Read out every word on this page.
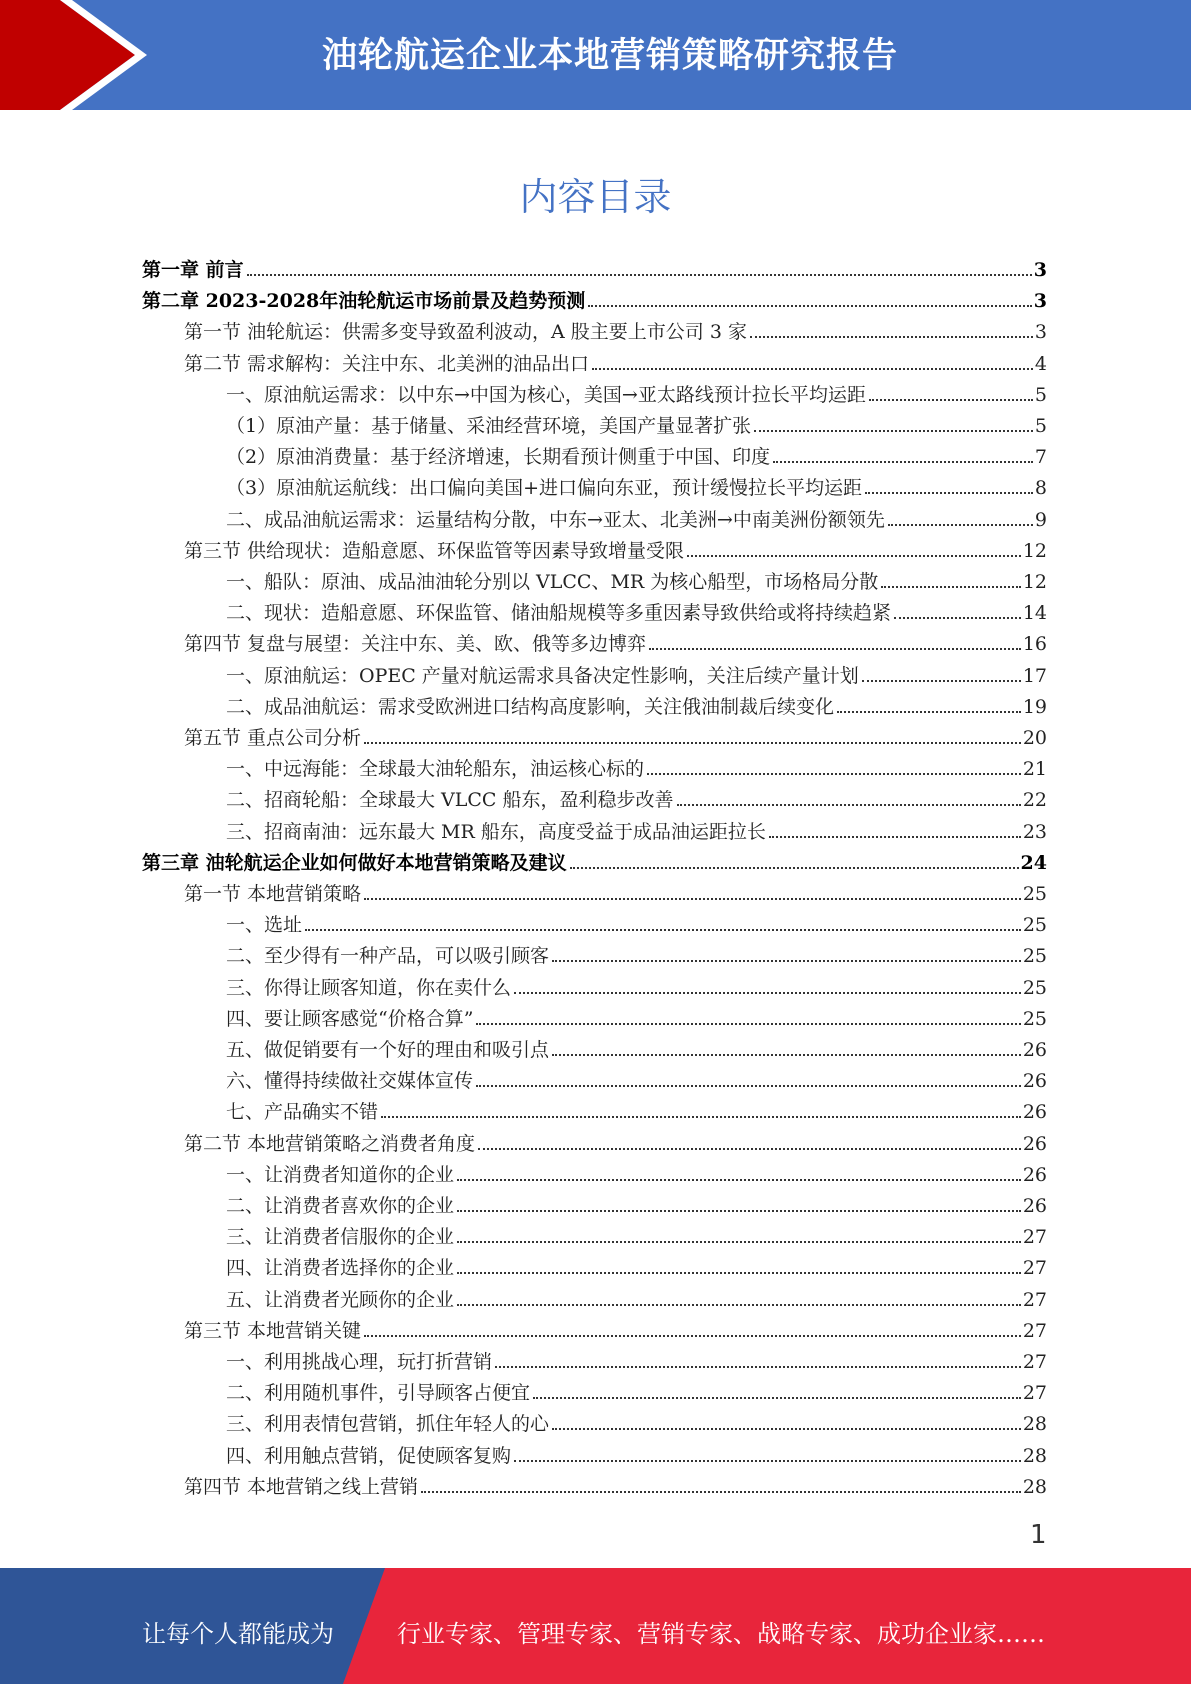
油轮航运企业本地营销策略研究报告
内容目录
第一章 前言	3
第二章 2023-2028年油轮航运市场前景及趋势预测	3
第一节 油轮航运：供需多变导致盈利波动，A 股主要上市公司 3 家	3
第二节 需求解构：关注中东、北美洲的油品出口	4
一、原油航运需求：以中东→中国为核心，美国→亚太路线预计拉长平均运距	5
（1）原油产量：基于储量、采油经营环境，美国产量显著扩张	5
（2）原油消费量：基于经济增速，长期看预计侧重于中国、印度	7
（3）原油航运航线：出口偏向美国+进口偏向东亚，预计缓慢拉长平均运距	8
二、成品油航运需求：运量结构分散，中东→亚太、北美洲→中南美洲份额领先	9
第三节 供给现状：造船意愿、环保监管等因素导致增量受限	12
一、船队：原油、成品油油轮分别以 VLCC、MR 为核心船型，市场格局分散	12
二、现状：造船意愿、环保监管、储油船规模等多重因素导致供给或将持续趋紧	14
第四节 复盘与展望：关注中东、美、欧、俄等多边博弈	16
一、原油航运：OPEC 产量对航运需求具备决定性影响，关注后续产量计划	17
二、成品油航运：需求受欧洲进口结构高度影响，关注俄油制裁后续变化	19
第五节 重点公司分析	20
一、中远海能：全球最大油轮船东，油运核心标的	21
二、招商轮船：全球最大 VLCC 船东，盈利稳步改善	22
三、招商南油：远东最大 MR 船东，高度受益于成品油运距拉长	23
第三章 油轮航运企业如何做好本地营销策略及建议	24
第一节 本地营销策略	25
一、选址	25
二、至少得有一种产品，可以吸引顾客	25
三、你得让顾客知道，你在卖什么	25
四、要让顾客感觉“价格合算”	25
五、做促销要有一个好的理由和吸引点	26
六、懂得持续做社交媒体宣传	26
七、产品确实不错	26
第二节 本地营销策略之消费者角度	26
一、让消费者知道你的企业	26
二、让消费者喜欢你的企业	26
三、让消费者信服你的企业	27
四、让消费者选择你的企业	27
五、让消费者光顾你的企业	27
第三节 本地营销关键	27
一、利用挑战心理，玩打折营销	27
二、利用随机事件，引导顾客占便宜	27
三、利用表情包营销，抓住年轻人的心	28
四、利用触点营销，促使顾客复购	28
第四节 本地营销之线上营销	28
1
让每个人都能成为	行业专家、管理专家、营销专家、战略专家、成功企业家……
